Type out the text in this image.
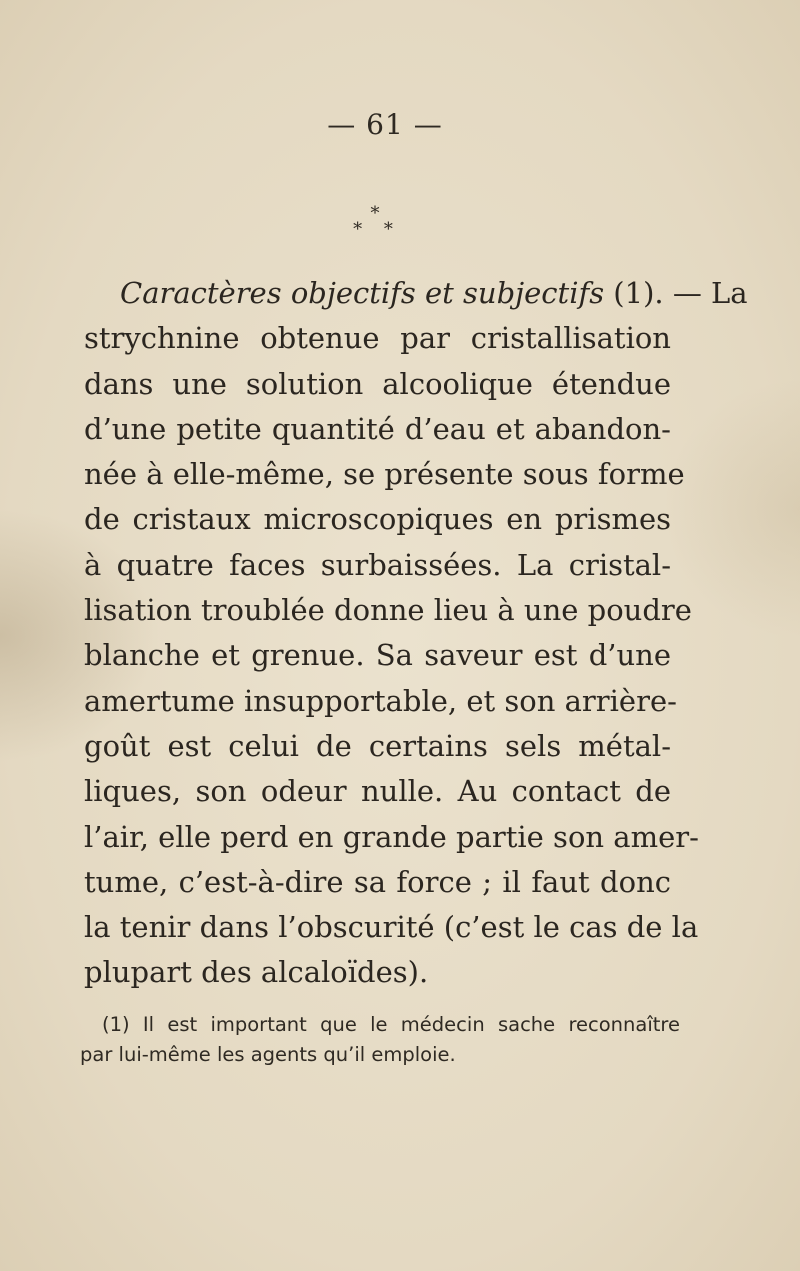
— 61 —
*
* *
Caractères objectifs et subjectifs (1). — La
strychnine obtenue par cristallisation
dans une solution alcoolique étendue
d’une petite quantité d’eau et abandon-
née à elle-même, se présente sous forme
de cristaux microscopiques en prismes
à quatre faces surbaissées. La cristal-
lisation troublée donne lieu à une poudre
blanche et grenue. Sa saveur est d’une
amertume insupportable, et son arrière-
goût est celui de certains sels métal-
liques, son odeur nulle. Au contact de
l’air, elle perd en grande partie son amer-
tume, c’est-à-dire sa force ; il faut donc
la tenir dans l’obscurité (c’est le cas de la
plupart des alcaloïdes).
(1) Il est important que le médecin sache reconnaître
par lui-même les agents qu’il emploie.
